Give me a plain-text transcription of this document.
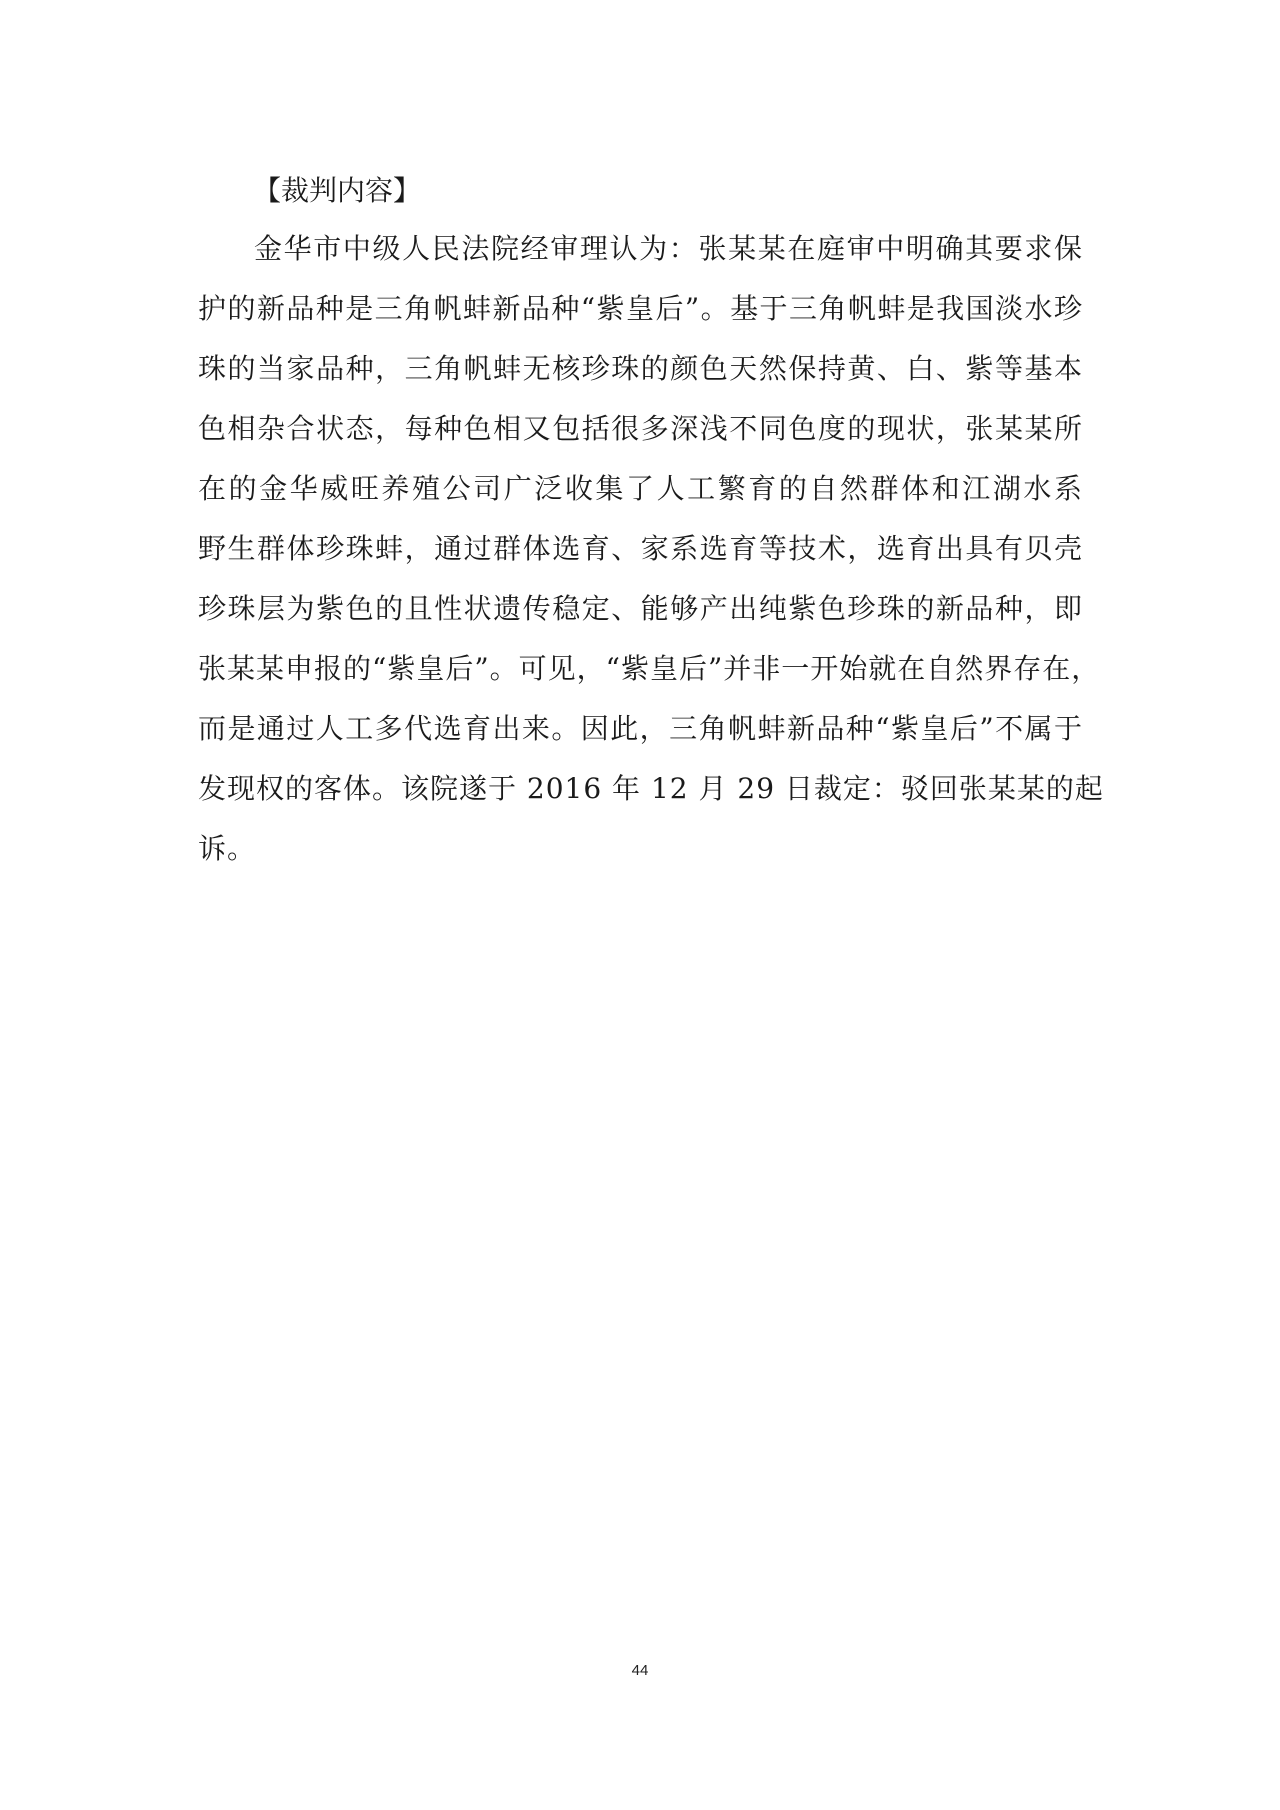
【裁判内容】
金华市中级人民法院经审理认为：张某某在庭审中明确其要求保
护的新品种是三角帆蚌新品种“紫皇后”。基于三角帆蚌是我国淡水珍
珠的当家品种，三角帆蚌无核珍珠的颜色天然保持黄、白、紫等基本
色相杂合状态，每种色相又包括很多深浅不同色度的现状，张某某所
在的金华威旺养殖公司广泛收集了人工繁育的自然群体和江湖水系
野生群体珍珠蚌，通过群体选育、家系选育等技术，选育出具有贝壳
珍珠层为紫色的且性状遗传稳定、能够产出纯紫色珍珠的新品种，即
张某某申报的“紫皇后”。可见，“紫皇后”并非一开始就在自然界存在，
而是通过人工多代选育出来。因此，三角帆蚌新品种“紫皇后”不属于
发现权的客体。该院遂于 2016 年 12 月 29 日裁定：驳回张某某的起
诉。
44
